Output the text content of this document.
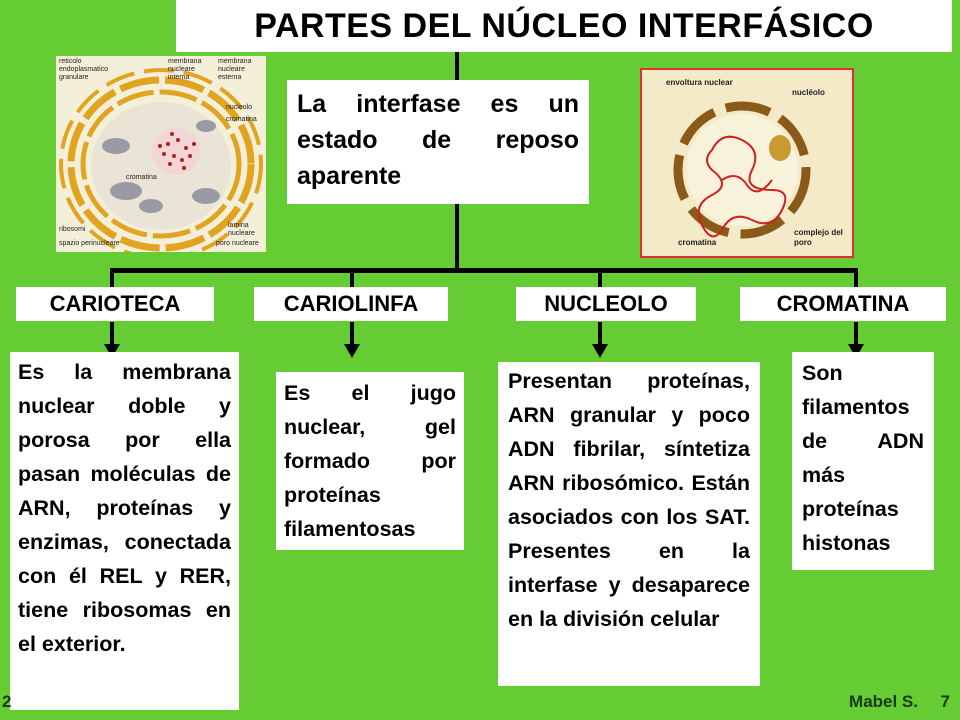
PARTES DEL NÚCLEO INTERFÁSICO
La interfase es un estado de reposo aparente
reticolo endoplasmatico granulare
membrana nucleare interna
membrana nucleare esterna
nucleolo
cromatina
cromatina
ribosomi
lamina nucleare
spazio perinucleare	poro nucleare
envoltura nuclear
nucléolo
cromatina
complejo del poro
CARIOTECA	CARIOLINFA	NUCLEOLO	CROMATINA
Es la membrana nuclear doble y porosa por ella pasan moléculas de ARN, proteínas y enzimas, conectada con él REL y RER, tiene ribosomas en el exterior.
Es el jugo nuclear, gel formado por proteínas filamentosas
Presentan proteínas, ARN granular y poco ADN fibrilar, síntetiza ARN ribosómico. Están asociados con los SAT. Presentes en la interfase y desaparece en la división celular
Son filamentos de ADN más proteínas histonas
2	Mabel S. 7
